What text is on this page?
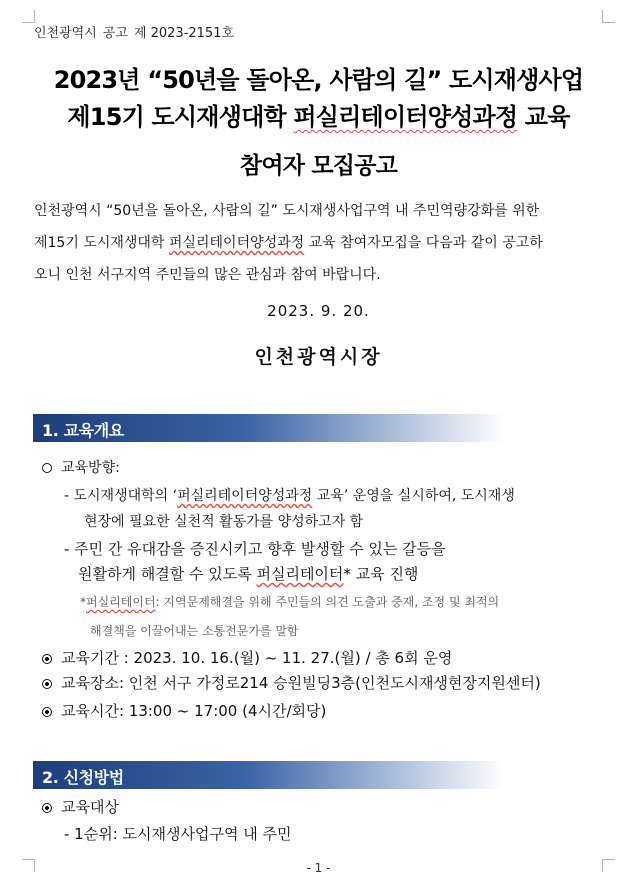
인천광역시 공고 제 2023-2151호
2023년 “50년을 돌아온, 사람의 길” 도시재생사업
제15기 도시재생대학 퍼실리테이터양성과정 교육
참여자 모집공고
인천광역시 “50년을 돌아온, 사람의 길” 도시재생사업구역 내 주민역량강화를 위한
제15기 도시재생대학 퍼실리테이터양성과정 교육 참여자모집을 다음과 같이 공고하
오니 인천 서구지역 주민들의 많은 관심과 참여 바랍니다.
2023. 9. 20.
인천광역시장
1. 교육개요
교육방향:
- 도시재생대학의 ‘퍼실리테이터양성과정 교육’ 운영을 실시하여, 도시재생
현장에 필요한 실천적 활동가를 양성하고자 함
- 주민 간 유대감을 증진시키고 향후 발생할 수 있는 갈등을
원활하게 해결할 수 있도록 퍼실리테이터* 교육 진행
*퍼실리테이터: 지역문제해결을 위해 주민들의 의견 도출과 중재, 조정 및 최적의
해결책을 이끌어내는 소통전문가를 말함
교육기간 : 2023. 10. 16.(월) ~ 11. 27.(월) / 총 6회 운영
교육장소: 인천 서구 가정로214 승원빌딩3층(인천도시재생현장지원센터)
교육시간: 13:00 ~ 17:00 (4시간/회당)
2. 신청방법
교육대상
- 1순위: 도시재생사업구역 내 주민
- 1 -
